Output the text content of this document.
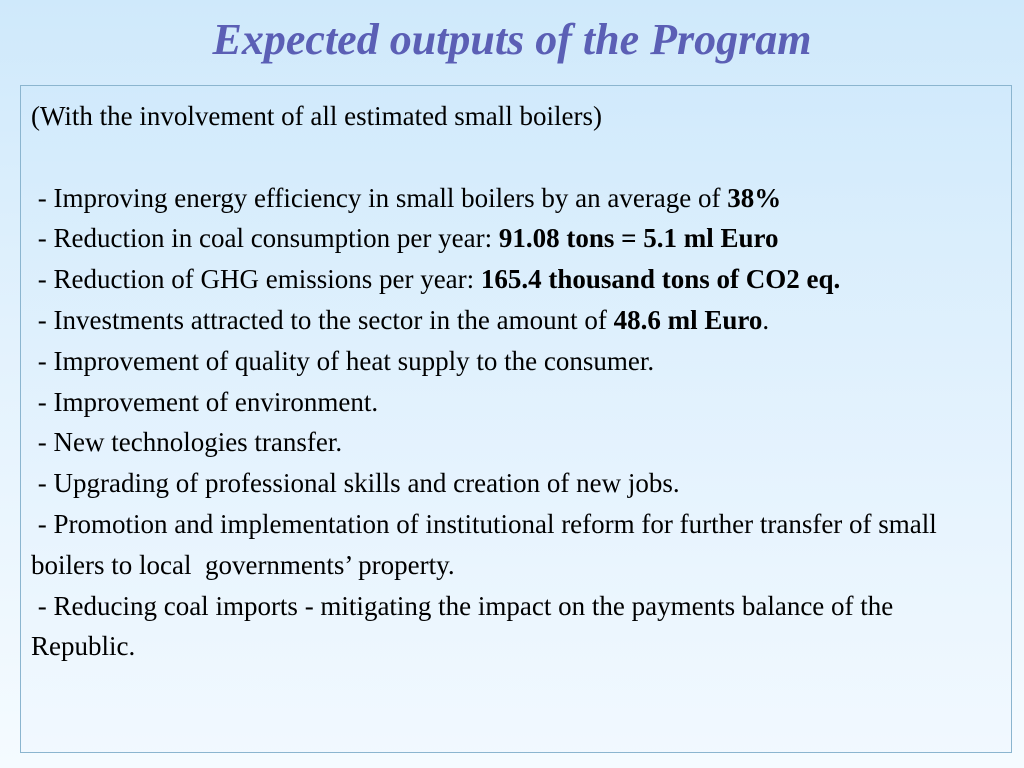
Expected outputs of the Program

(With the involvement of all estimated small boilers)

- Improving energy efficiency in small boilers by an average of 38%

- Reduction in coal consumption per year: 91.08 tons = 5.1 ml Euro

- Reduction of GHG emissions per year: 165.4 thousand tons of CO2 eq.

- Investments attracted to the sector in the amount of 48.6 ml Euro.

- Improvement of quality of heat supply to the consumer.

- Improvement of environment.

- New technologies transfer.

- Upgrading of professional skills and creation of new jobs.

- Promotion and implementation of institutional reform for further transfer of small boilers to local  governments’ property.

- Reducing coal imports - mitigating the impact on the payments balance of the Republic.
